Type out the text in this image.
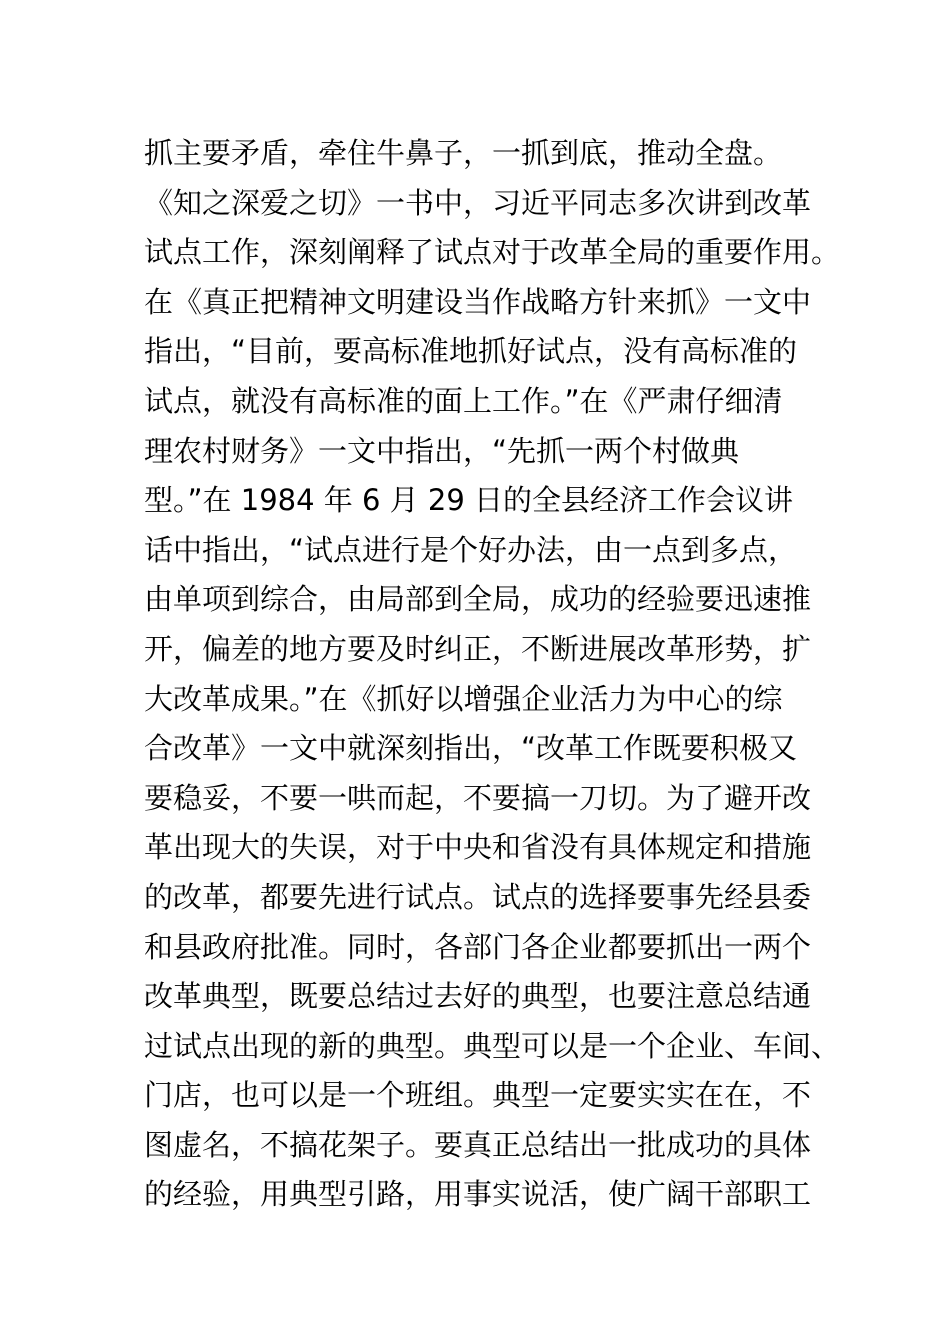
抓主要矛盾，牵住牛鼻子，一抓到底，推动全盘。
《知之深爱之切》一书中，习近平同志多次讲到改革
试点工作，深刻阐释了试点对于改革全局的重要作用。
在《真正把精神文明建设当作战略方针来抓》一文中
指出，“目前，要高标准地抓好试点，没有高标准的
试点，就没有高标准的面上工作。”在《严肃仔细清
理农村财务》一文中指出，“先抓一两个村做典
型。”在 1984 年 6 月 29 日的全县经济工作会议讲
话中指出，“试点进行是个好办法，由一点到多点，
由单项到综合，由局部到全局，成功的经验要迅速推
开，偏差的地方要及时纠正，不断进展改革形势，扩
大改革成果。”在《抓好以增强企业活力为中心的综
合改革》一文中就深刻指出，“改革工作既要积极又
要稳妥，不要一哄而起，不要搞一刀切。为了避开改
革出现大的失误，对于中央和省没有具体规定和措施
的改革，都要先进行试点。试点的选择要事先经县委
和县政府批准。同时，各部门各企业都要抓出一两个
改革典型，既要总结过去好的典型，也要注意总结通
过试点出现的新的典型。典型可以是一个企业、车间、
门店，也可以是一个班组。典型一定要实实在在，不
图虚名，不搞花架子。要真正总结出一批成功的具体
的经验，用典型引路，用事实说活，使广阔干部职工
